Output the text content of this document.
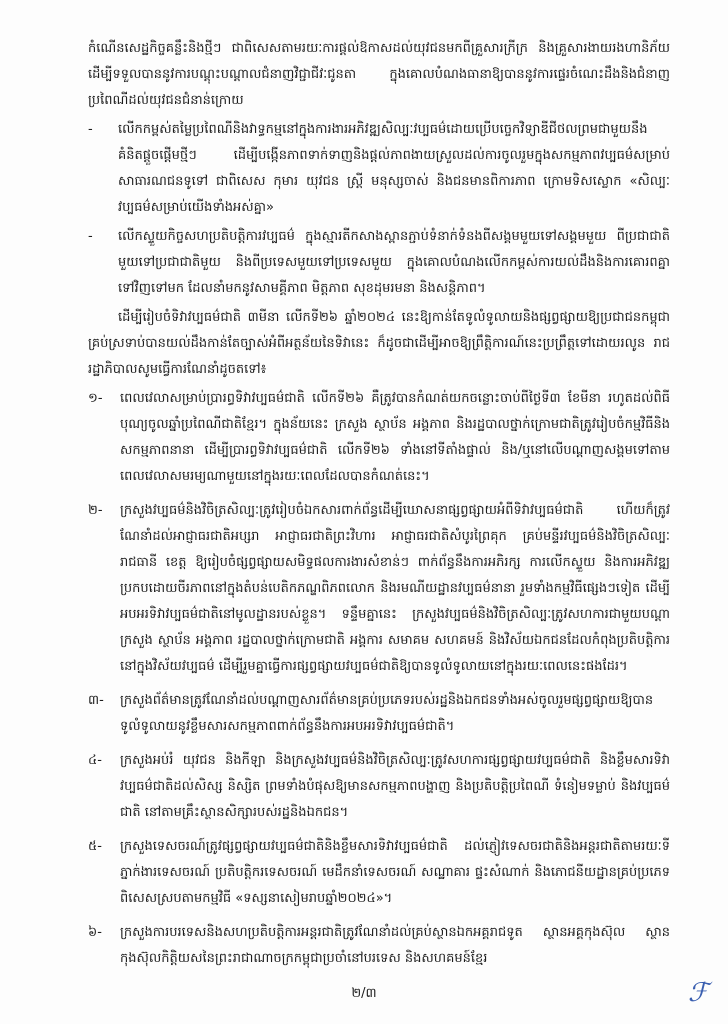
កំណើនសេដ្ឋកិច្ចគន្លឹះនិងថ្មីៗ ជាពិសេសតាមរយៈការផ្តល់ឱកាសដល់យុវជនមកពីគ្រួសារក្រីក្រ និងគ្រួសារងាយរងហានិភ័យដើម្បីទទួលបាននូវការបណ្តុះបណ្តាលជំនាញវិជ្ជាជីវៈជូនតា ក្នុងគោលបំណងធានាឱ្យបាននូវការផ្ទេរចំណេះដឹងនិងជំនាញប្រពៃណីដល់យុវជនជំនាន់ក្រោយ

- លើកកម្ពស់តម្លៃប្រពៃណីនិងវាទ្ធកម្មនៅក្នុងការងារអភិវឌ្ឍសិល្បៈវប្បធម៌ដោយប្រើបច្ចេកវិទ្យាឌីជីថលព្រមជាមួយនឹងគំនិតផ្តួចផ្តើមថ្មីៗ ដើម្បីបង្កើនភាពទាក់ទាញនិងផ្តល់ភាពងាយស្រួលដល់ការចូលរួមក្នុងសកម្មភាពវប្បធម៌សម្រាប់សាធារណជនទូទៅ ជាពិសេស កុមារ យុវជន ស្ត្រី មនុស្សចាស់ និងជនមានពិការភាព ក្រោមទិសស្លោក «សិល្បៈវប្បធម៌សម្រាប់យើងទាំងអស់គ្នា»
- លើកស្ទួយកិច្ចសហប្រតិបត្តិការវប្បធម៌ ក្នុងស្មារតីកសាងស្ពានភ្ជាប់ទំនាក់ទំនងពីសង្គមមួយទៅសង្គមមួយ ពីប្រជាជាតិមួយទៅប្រជាជាតិមួយ និងពីប្រទេសមួយទៅប្រទេសមួយ ក្នុងគោលបំណងលើកកម្ពស់ការយល់ដឹងនិងការគោរពគ្នាទៅវិញទៅមក ដែលនាំមកនូវសាមគ្គីភាព មិត្តភាព សុខដុមរមនា និងសន្តិភាព។

ដើម្បីរៀបចំទិវាវប្បធម៌ជាតិ ៣មីនា លើកទី២៦ ឆ្នាំ២០២៤ នេះឱ្យកាន់តែទូលំទូលាយនិងផ្សព្វផ្សាយឱ្យប្រជាជនកម្ពុជាគ្រប់ស្រទាប់បានយល់ដឹងកាន់តែច្បាស់អំពីអត្ថន័យនៃទិវានេះ ក៏ដូចជាដើម្បីអាចឱ្យព្រឹត្តិការណ៍នេះប្រព្រឹត្តទៅដោយរលូន រាជរដ្ឋាភិបាលសូមធ្វើការណែនាំដូចតទៅ៖

១- ពេលវេលាសម្រាប់ប្រារព្ធទិវាវប្បធម៌ជាតិ លើកទី២៦ គឺត្រូវបានកំណត់យកចន្លោះចាប់ពីថ្ងៃទី៣ ខែមីនា រហូតដល់ពិធីបុណ្យចូលឆ្នាំប្រពៃណីជាតិខ្មែរ។ ក្នុងន័យនេះ ក្រសួង ស្ថាប័ន អង្គភាព និងរដ្ឋបាលថ្នាក់ក្រោមជាតិត្រូវរៀបចំកម្មវិធីនិងសកម្មភាពនានា ដើម្បីប្រារព្ធទិវាវប្បធម៌ជាតិ លើកទី២៦ ទាំងនៅទីតាំងផ្ទាល់ និង/ឬនៅលើបណ្តាញសង្គមទៅតាមពេលវេលាសមរម្យណាមួយនៅក្នុងរយៈពេលដែលបានកំណត់នេះ។
២- ក្រសួងវប្បធម៌និងវិចិត្រសិល្បៈត្រូវរៀបចំឯកសារពាក់ព័ន្ធដើម្បីឃោសនាផ្សព្វផ្សាយអំពីទិវាវប្បធម៌ជាតិ ហើយក៏ត្រូវណែនាំដល់អាជ្ញាធរជាតិអប្សរា អាជ្ញាធរជាតិព្រះវិហារ អាជ្ញាធរជាតិសំបូរព្រៃគុក គ្រប់មន្ទីរវប្បធម៌និងវិចិត្រសិល្បៈរាជធានី ខេត្ត ឱ្យរៀបចំផ្សព្វផ្សាយសមិទ្ធផលការងារសំខាន់ៗ ពាក់ព័ន្ធនឹងការអភិរក្ស ការលើកស្ទួយ និងការអភិវឌ្ឍប្រកបដោយចីរភាពនៅក្នុងតំបន់បេតិកភណ្ឌពិភពលោក និងរមណីយដ្ឋានវប្បធម៌នានា រួមទាំងកម្មវិធីផ្សេងៗទៀត ដើម្បីអបអរទិវាវប្បធម៌ជាតិនៅមូលដ្ឋានរបស់ខ្លួន។ ទន្ទឹមគ្នានេះ ក្រសួងវប្បធម៌និងវិចិត្រសិល្បៈត្រូវសហការជាមួយបណ្តាក្រសួង ស្ថាប័ន អង្គភាព រដ្ឋបាលថ្នាក់ក្រោមជាតិ អង្គការ សមាគម សហគមន៍ និងវិស័យឯកជនដែលកំពុងប្រតិបត្តិការនៅក្នុងវិស័យវប្បធម៌ ដើម្បីរួមគ្នាធ្វើការផ្សព្វផ្សាយវប្បធម៌ជាតិឱ្យបានទូលំទូលាយនៅក្នុងរយៈពេលនេះផងដែរ។
៣- ក្រសួងព័ត៌មានត្រូវណែនាំដល់បណ្តាញសារព័ត៌មានគ្រប់ប្រភេទរបស់រដ្ឋនិងឯកជនទាំងអស់ចូលរួមផ្សព្វផ្សាយឱ្យបានទូលំទូលាយនូវខ្លឹមសារសកម្មភាពពាក់ព័ន្ធនឹងការអបអរទិវាវប្បធម៌ជាតិ។
៤- ក្រសួងអប់រំ យុវជន និងកីឡា និងក្រសួងវប្បធម៌និងវិចិត្រសិល្បៈត្រូវសហការផ្សព្វផ្សាយវប្បធម៌ជាតិ និងខ្លឹមសារទិវាវប្បធម៌ជាតិដល់សិស្ស និស្សិត ព្រមទាំងបំផុសឱ្យមានសកម្មភាពបង្ហាញ និងប្រតិបត្តិប្រពៃណី ទំនៀមទម្លាប់ និងវប្បធម៌ជាតិ នៅតាមគ្រឹះស្ថានសិក្សារបស់រដ្ឋនិងឯកជន។
៥- ក្រសួងទេសចរណ៍ត្រូវផ្សព្វផ្សាយវប្បធម៌ជាតិនិងខ្លឹមសារទិវាវប្បធម៌ជាតិ ដល់ភ្ញៀវទេសចរជាតិនិងអន្តរជាតិតាមរយៈទីភ្នាក់ងារទេសចរណ៍ ប្រតិបត្តិករទេសចរណ៍ មេដឹកនាំទេសចរណ៍ សណ្ឋាគារ ផ្ទះសំណាក់ និងភោជនីយដ្ឋានគ្រប់ប្រភេទ ពិសេសស្របតាមកម្មវិធី «ទស្សនាសៀមរាបឆ្នាំ២០២៤»។
៦- ក្រសួងការបរទេសនិងសហប្រតិបត្តិការអន្តរជាតិត្រូវណែនាំដល់គ្រប់ស្ថានឯកអគ្គរាជទូត ស្ថានអគ្គកុងស៊ុល ស្ថានកុងស៊ុលកិត្តិយសនៃព្រះរាជាណាចក្រកម្ពុជាប្រចាំនៅបរទេស និងសហគមន៍ខ្មែរ
២/៣	ℱ
